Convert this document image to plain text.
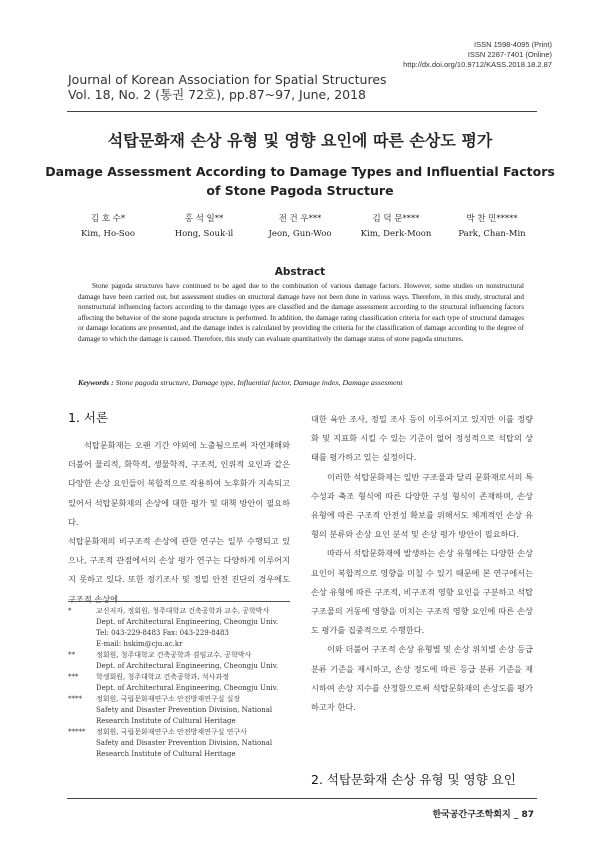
ISSN 1598-4095 (Print)
ISSN 2287-7401 (Online)
http://dx.doi.org/10.9712/KASS.2018.18.2.87
Journal of Korean Association for Spatial Structures
Vol. 18, No. 2 (통권 72호), pp.87~97, June, 2018
석탑문화재 손상 유형 및 영향 요인에 따른 손상도 평가
Damage Assessment According to Damage Types and Influential Factors
of Stone Pagoda Structure
김 호 수*
Kim, Ho-Soo
홍 석 일**
Hong, Souk-il
전 건 우***
Jeon, Gun-Woo
김 덕 문****
Kim, Derk-Moon
박 찬 민*****
Park, Chan-Min
Abstract
Stone pagoda structures have continued to be aged due to the combination of various damage factors. However, some studies on nonstructural damage have been carried out, but assessment studies on structural damage have not been done in various ways. Therefore, in this study, structural and nonstructural influencing factors according to the damage types are classified and the damage assessment according to the structural influencing factors affecting the behavior of the stone pagoda structure is performed. In addition, the damage rating classification criteria for each type of structural damages or damage locations are presented, and the damage index is calculated by providing the criteria for the classification of damage according to the degree of damage to which the damage is caused. Therefore, this study can evaluate quantitatively the damage status of stone pagoda structures.
Keywords : Stone pagoda structure, Damage type, Influential factor, Damage index, Damage assesment
1. 서론

석탑문화재는 오랜 기간 야외에 노출됨으로써 자연재해와 더불어 물리적, 화학적, 생물학적, 구조적, 인위적 요인과 같은 다양한 손상 요인들이 복합적으로 작용하여 노후화가 지속되고 있어서 석탑문화재의 손상에 대한 평가 및 대책 방안이 필요하다.

석탑문화재의 비구조적 손상에 관한 연구는 일부 수행되고 있으나, 구조적 관점에서의 손상 평가 연구는 다양하게 이루어지지 못하고 있다. 또한 정기조사 및 정밀 안전 진단의 경우에도 구조적 손상에

*	교신저자, 정회원, 청주대학교 건축공학과 교수, 공학박사
Dept. of Architectural Engineering, Cheongju Univ.
Tel: 043-229-8483 Fax: 043-229-8483
E-mail: hskim@cju.ac.kr
**	정회원, 청주대학교 건축공학과 겸임교수, 공학박사
Dept. of Architectural Engineering, Cheongju Univ.
***	학생회원, 청주대학교 건축공학과, 석사과정
Dept. of Architectural Engineering, Cheongju Univ.
**** 정회원, 국립문화재연구소 안전방재연구실 실장
Safety and Disaster Prevention Division, National
Research Institute of Cultural Heritage
***** 정회원, 국립문화재연구소 안전방재연구실 연구사
Safety and Disaster Prevention Division, National
Research Institute of Cultural Heritage

대한 육안 조사, 정밀 조사 등이 이루어지고 있지만 이를 정량화 및 지표화 시킬 수 있는 기준이 없어 정성적으로 석탑의 상태를 평가하고 있는 실정이다.

이러한 석탑문화재는 일반 구조물과 달리 문화재로서의 특수성과 축조 형식에 따른 다양한 구성 형식이 존재하며, 손상 유형에 따른 구조적 안전성 확보를 위해서도 체계적인 손상 유형의 분류와 손상 요인 분석 및 손상 평가 방안이 필요하다.

따라서 석탑문화재에 발생하는 손상 유형에는 다양한 손상 요인이 복합적으로 영향을 미칠 수 있기 때문에 본 연구에서는 손상 유형에 따른 구조적, 비구조적 영향 요인을 구분하고 석탑구조물의 거동에 영향을 미치는 구조적 영향 요인에 따른 손상도 평가를 집중적으로 수행한다.

이와 더불어 구조적 손상 유형별 및 손상 위치별 손상 등급 분류 기준을 제시하고, 손상 정도에 따른 등급 분류 기준을 제시하여 손상 지수를 산정함으로써 석탑문화재의 손상도를 평가하고자 한다.

2. 석탑문화재 손상 유형 및 영향 요인
한국공간구조학회지 _ 87
